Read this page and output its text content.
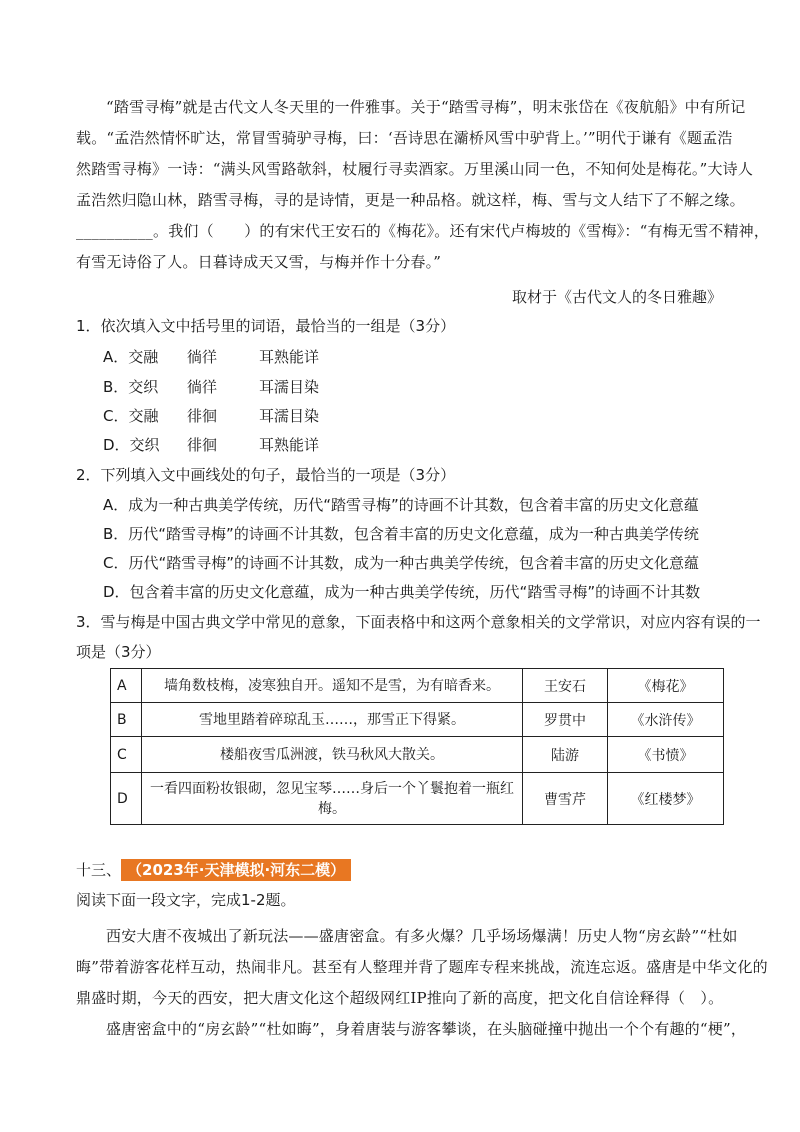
“踏雪寻梅”就是古代文人冬天里的一件雅事。关于“踏雪寻梅”，明末张岱在《夜航船》中有所记
载。“孟浩然情怀旷达，常冒雪骑驴寻梅，曰：‘吾诗思在灞桥风雪中驴背上。’”明代于谦有《题孟浩
然踏雪寻梅》一诗：“满头风雪路欹斜，杖履行寻卖酒家。万里溪山同一色，不知何处是梅花。”大诗人
孟浩然归隐山林，踏雪寻梅，寻的是诗情，更是一种品格。就这样，梅、雪与文人结下了不解之缘。
__________。我们（　　）的有宋代王安石的《梅花》。还有宋代卢梅坡的《雪梅》：“有梅无雪不精神，
有雪无诗俗了人。日暮诗成天又雪，与梅并作十分春。”
取材于《古代文人的冬日雅趣》
1．依次填入文中括号里的词语，最恰当的一组是（3分）
A．交融 徜徉	耳熟能详
B．交织 徜徉	耳濡目染
C．交融 徘徊	耳濡目染
D．交织 徘徊	耳熟能详
2．下列填入文中画线处的句子，最恰当的一项是（3分）
A．成为一种古典美学传统，历代“踏雪寻梅”的诗画不计其数，包含着丰富的历史文化意蕴
B．历代“踏雪寻梅”的诗画不计其数，包含着丰富的历史文化意蕴，成为一种古典美学传统
C．历代“踏雪寻梅”的诗画不计其数，成为一种古典美学传统，包含着丰富的历史文化意蕴
D．包含着丰富的历史文化意蕴，成为一种古典美学传统，历代“踏雪寻梅”的诗画不计其数
3．雪与梅是中国古典文学中常见的意象，下面表格中和这两个意象相关的文学常识，对应内容有误的一
项是（3分）
A	墙角数枝梅，凌寒独自开。遥知不是雪，为有暗香来。	王安石	《梅花》
B	雪地里踏着碎琼乱玉……，那雪正下得紧。	罗贯中	《水浒传》
C	楼船夜雪瓜洲渡，铁马秋风大散关。	陆游	《书愤》
D	一看四面粉妆银砌，忽见宝琴……身后一个丫鬟抱着一瓶红梅。	曹雪芹	《红楼梦》
十三、 （2023年·天津模拟·河东二模）
阅读下面一段文字，完成1-2题。
西安大唐不夜城出了新玩法——盛唐密盒。有多火爆？几乎场场爆满！历史人物“房玄龄”“杜如
晦”带着游客花样互动，热闹非凡。甚至有人整理并背了题库专程来挑战，流连忘返。盛唐是中华文化的
鼎盛时期，今天的西安，把大唐文化这个超级网红IP推向了新的高度，把文化自信诠释得（　）。
盛唐密盒中的“房玄龄”“杜如晦”，身着唐装与游客攀谈，在头脑碰撞中抛出一个个有趣的“梗”，
